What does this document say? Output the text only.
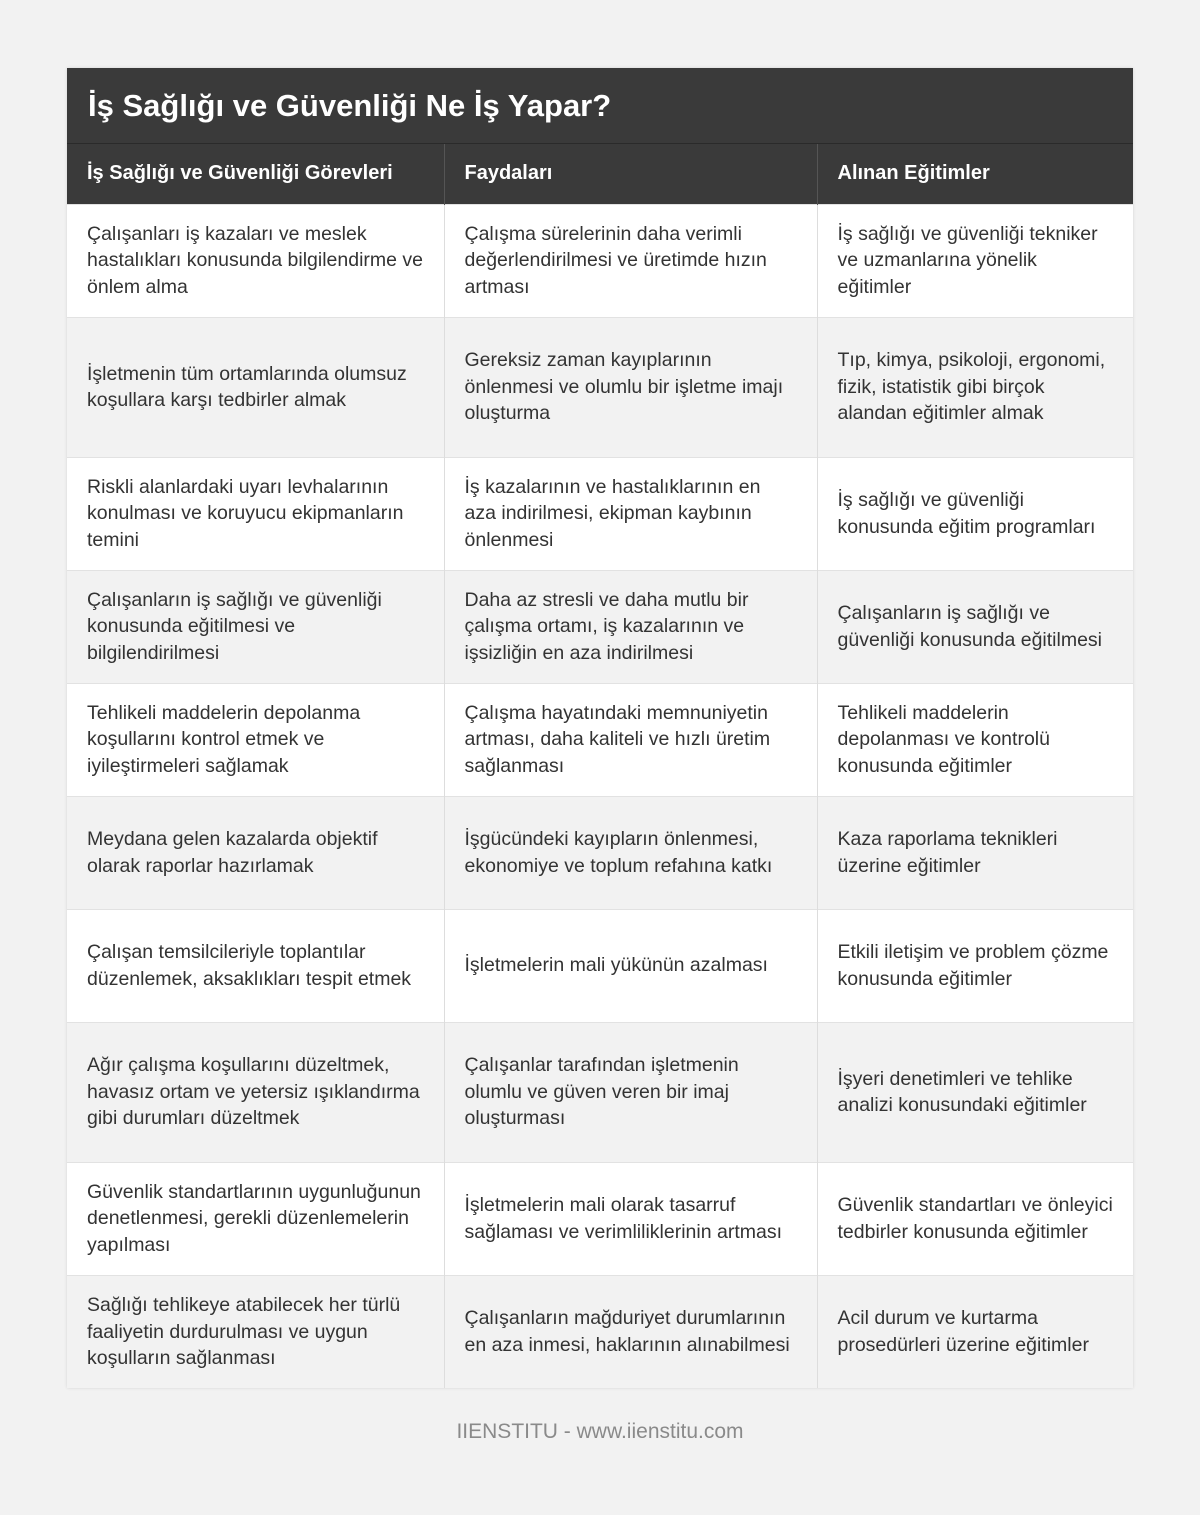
İş Sağlığı ve Güvenliği Ne İş Yapar?
İş Sağlığı ve Güvenliği Görevleri	Faydaları	Alınan Eğitimler
Çalışanları iş kazaları ve meslek hastalıkları konusunda bilgilendirme ve önlem alma	Çalışma sürelerinin daha verimli değerlendirilmesi ve üretimde hızın artması	İş sağlığı ve güvenliği tekniker ve uzmanlarına yönelik eğitimler
İşletmenin tüm ortamlarında olumsuz koşullara karşı tedbirler almak	Gereksiz zaman kayıplarının önlenmesi ve olumlu bir işletme imajı oluşturma	Tıp, kimya, psikoloji, ergonomi, fizik, istatistik gibi birçok alandan eğitimler almak
Riskli alanlardaki uyarı levhalarının konulması ve koruyucu ekipmanların temini	İş kazalarının ve hastalıklarının en aza indirilmesi, ekipman kaybının önlenmesi	İş sağlığı ve güvenliği konusunda eğitim programları
Çalışanların iş sağlığı ve güvenliği konusunda eğitilmesi ve bilgilendirilmesi	Daha az stresli ve daha mutlu bir çalışma ortamı, iş kazalarının ve işsizliğin en aza indirilmesi	Çalışanların iş sağlığı ve güvenliği konusunda eğitilmesi
Tehlikeli maddelerin depolanma koşullarını kontrol etmek ve iyileştirmeleri sağlamak	Çalışma hayatındaki memnuniyetin artması, daha kaliteli ve hızlı üretim sağlanması	Tehlikeli maddelerin depolanması ve kontrolü konusunda eğitimler
Meydana gelen kazalarda objektif olarak raporlar hazırlamak	İşgücündeki kayıpların önlenmesi, ekonomiye ve toplum refahına katkı	Kaza raporlama teknikleri üzerine eğitimler
Çalışan temsilcileriyle toplantılar düzenlemek, aksaklıkları tespit etmek	İşletmelerin mali yükünün azalması	Etkili iletişim ve problem çözme konusunda eğitimler
Ağır çalışma koşullarını düzeltmek, havasız ortam ve yetersiz ışıklandırma gibi durumları düzeltmek	Çalışanlar tarafından işletmenin olumlu ve güven veren bir imaj oluşturması	İşyeri denetimleri ve tehlike analizi konusundaki eğitimler
Güvenlik standartlarının uygunluğunun denetlenmesi, gerekli düzenlemelerin yapılması	İşletmelerin mali olarak tasarruf sağlaması ve verimliliklerinin artması	Güvenlik standartları ve önleyici tedbirler konusunda eğitimler
Sağlığı tehlikeye atabilecek her türlü faaliyetin durdurulması ve uygun koşulların sağlanması	Çalışanların mağduriyet durumlarının en aza inmesi, haklarının alınabilmesi	Acil durum ve kurtarma prosedürleri üzerine eğitimler
IIENSTITU - www.iienstitu.com
